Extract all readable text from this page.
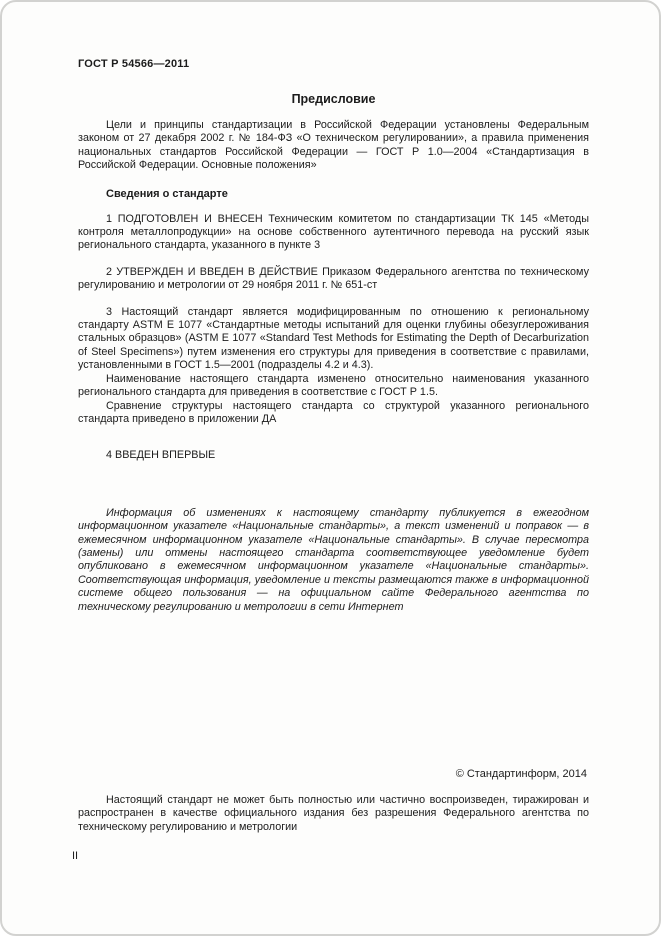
ГОСТ Р 54566—2011
Предисловие

Цели и принципы стандартизации в Российской Федерации установлены Федеральным законом от 27 декабря 2002 г. № 184-ФЗ «О техническом регулировании», а правила применения национальных стандартов Российской Федерации — ГОСТ Р 1.0—2004 «Стандартизация в Российской Федерации. Основные положения»

Сведения о стандарте

1 ПОДГОТОВЛЕН И ВНЕСЕН Техническим комитетом по стандартизации ТК 145 «Методы контроля металлопродукции» на основе собственного аутентичного перевода на русский язык регионального стандарта, указанного в пункте 3

2 УТВЕРЖДЕН И ВВЕДЕН В ДЕЙСТВИЕ Приказом Федерального агентства по техническому регулированию и метрологии от 29 ноября 2011 г. № 651-ст

3 Настоящий стандарт является модифицированным по отношению к региональному стандарту ASTM E 1077 «Стандартные методы испытаний для оценки глубины обезуглероживания стальных образцов» (ASTM E 1077 «Standard Test Methods for Estimating the Depth of Decarburization of Steel Specimens») путем изменения его структуры для приведения в соответствие с правилами, установленными в ГОСТ 1.5—2001 (подразделы 4.2 и 4.3).

Наименование настоящего стандарта изменено относительно наименования указанного регионального стандарта для приведения в соответствие с ГОСТ Р 1.5.

Сравнение структуры настоящего стандарта со структурой указанного регионального стандарта приведено в приложении ДА

4 ВВЕДЕН ВПЕРВЫЕ

Информация об изменениях к настоящему стандарту публикуется в ежегодном информационном указателе «Национальные стандарты», а текст изменений и поправок — в ежемесячном информационном указателе «Национальные стандарты». В случае пересмотра (замены) или отмены настоящего стандарта соответствующее уведомление будет опубликовано в ежемесячном информационном указателе «Национальные стандарты». Соответствующая информация, уведомление и тексты размещаются также в информационной системе общего пользования — на официальном сайте Федерального агентства по техническому регулированию и метрологии в сети Интернет

© Стандартинформ, 2014

Настоящий стандарт не может быть полностью или частично воспроизведен, тиражирован и распространен в качестве официального издания без разрешения Федерального агентства по техническому регулированию и метрологии

II
